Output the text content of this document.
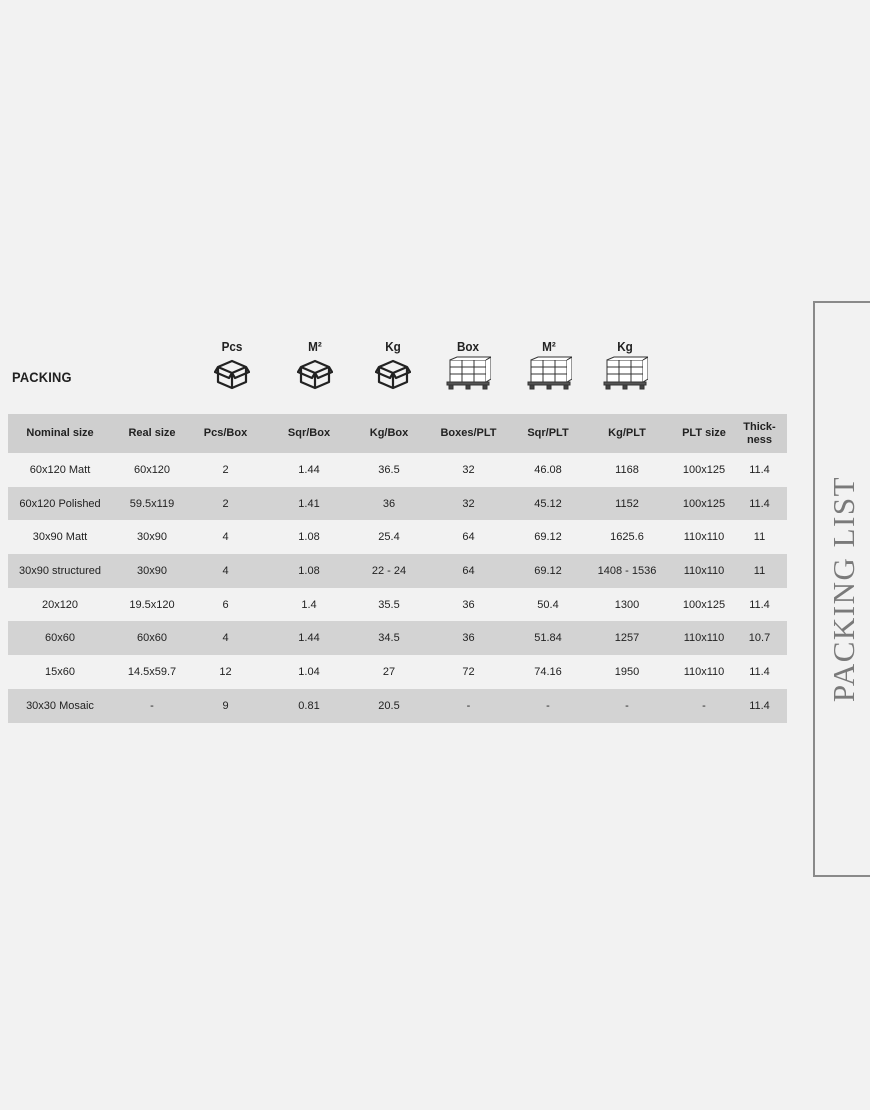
PACKING
Pcs	M²	Kg	Box	M²	Kg
Nominal size	Real size	Pcs/Box	Sqr/Box	Kg/Box	Boxes/PLT	Sqr/PLT	Kg/PLT	PLT size	Thick-
ness
60x120 Matt	60x120	2	1.44	36.5	32	46.08	1168	100x125	11.4
60x120 Polished	59.5x119	2	1.41	36	32	45.12	1152	100x125	11.4
30x90 Matt	30x90	4	1.08	25.4	64	69.12	1625.6	110x110	11
30x90 structured	30x90	4	1.08	22 - 24	64	69.12	1408 - 1536	110x110	11
20x120	19.5x120	6	1.4	35.5	36	50.4	1300	100x125	11.4
60x60	60x60	4	1.44	34.5	36	51.84	1257	110x110	10.7
15x60	14.5x59.7	12	1.04	27	72	74.16	1950	110x110	11.4
30x30 Mosaic	-	9	0.81	20.5	-	-	-	-	11.4
PACKING LIST
